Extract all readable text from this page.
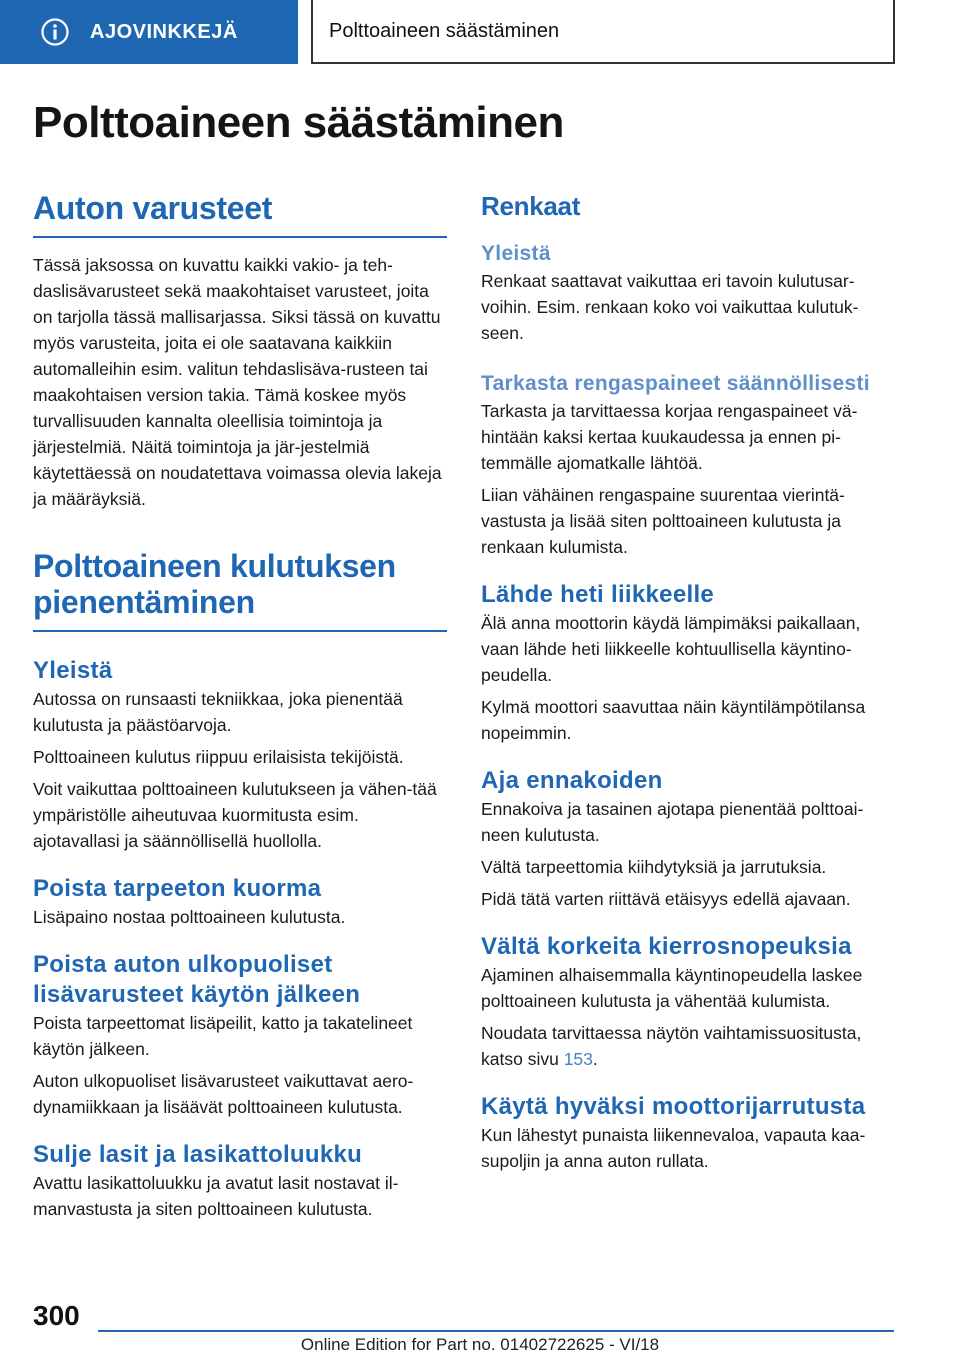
AJOVINKKEJÄ	Polttoaineen säästäminen
Polttoaineen säästäminen
Auton varusteet

Tässä jaksossa on kuvattu kaikki vakio- ja teh-daslisävarusteet sekä maakohtaiset varusteet, joita on tarjolla tässä mallisarjassa. Siksi tässä on kuvattu myös varusteita, joita ei ole saatavana kaikkiin automalleihin esim. valitun tehdaslisäva-rusteen tai maakohtaisen version takia. Tämä koskee myös turvallisuuden kannalta oleellisia toimintoja ja järjestelmiä. Näitä toimintoja ja jär-jestelmiä käytettäessä on noudatettava voimassa olevia lakeja ja määräyksiä.

Polttoaineen kulutuksen pienentäminen
Yleistä

Autossa on runsaasti tekniikkaa, joka pienentää kulutusta ja päästöarvoja.

Polttoaineen kulutus riippuu erilaisista tekijöistä.

Voit vaikuttaa polttoaineen kulutukseen ja vähen-tää ympäristölle aiheutuvaa kuormitusta esim. ajotavallasi ja säännöllisellä huollolla.

Poista tarpeeton kuorma

Lisäpaino nostaa polttoaineen kulutusta.

Poista auton ulkopuoliset lisävarusteet käytön jälkeen

Poista tarpeettomat lisäpeilit, katto ja takatelineet käytön jälkeen.

Auton ulkopuoliset lisävarusteet vaikuttavat aero-dynamiikkaan ja lisäävät polttoaineen kulutusta.

Sulje lasit ja lasikattoluukku

Avattu lasikattoluukku ja avatut lasit nostavat il-manvastusta ja siten polttoaineen kulutusta.

Renkaat
Yleistä

Renkaat saattavat vaikuttaa eri tavoin kulutusar-voihin. Esim. renkaan koko voi vaikuttaa kulutuk-seen.

Tarkasta rengaspaineet säännöllisesti

Tarkasta ja tarvittaessa korjaa rengaspaineet vä-hintään kaksi kertaa kuukaudessa ja ennen pi-temmälle ajomatkalle lähtöä.

Liian vähäinen rengaspaine suurentaa vierintä-vastusta ja lisää siten polttoaineen kulutusta ja renkaan kulumista.

Lähde heti liikkeelle

Älä anna moottorin käydä lämpimäksi paikallaan, vaan lähde heti liikkeelle kohtuullisella käyntino-peudella.

Kylmä moottori saavuttaa näin käyntilämpötilansa nopeimmin.

Aja ennakoiden

Ennakoiva ja tasainen ajotapa pienentää polttoai-neen kulutusta.

Vältä tarpeettomia kiihdytyksiä ja jarrutuksia.

Pidä tätä varten riittävä etäisyys edellä ajavaan.

Vältä korkeita kierrosnopeuksia

Ajaminen alhaisemmalla käyntinopeudella laskee polttoaineen kulutusta ja vähentää kulumista.

Noudata tarvittaessa näytön vaihtamissuositusta, katso sivu 153.

Käytä hyväksi moottorijarrutusta

Kun lähestyt punaista liikennevaloa, vapauta kaa-supoljin ja anna auton rullata.

300
Online Edition for Part no. 01402722625 - VI/18
